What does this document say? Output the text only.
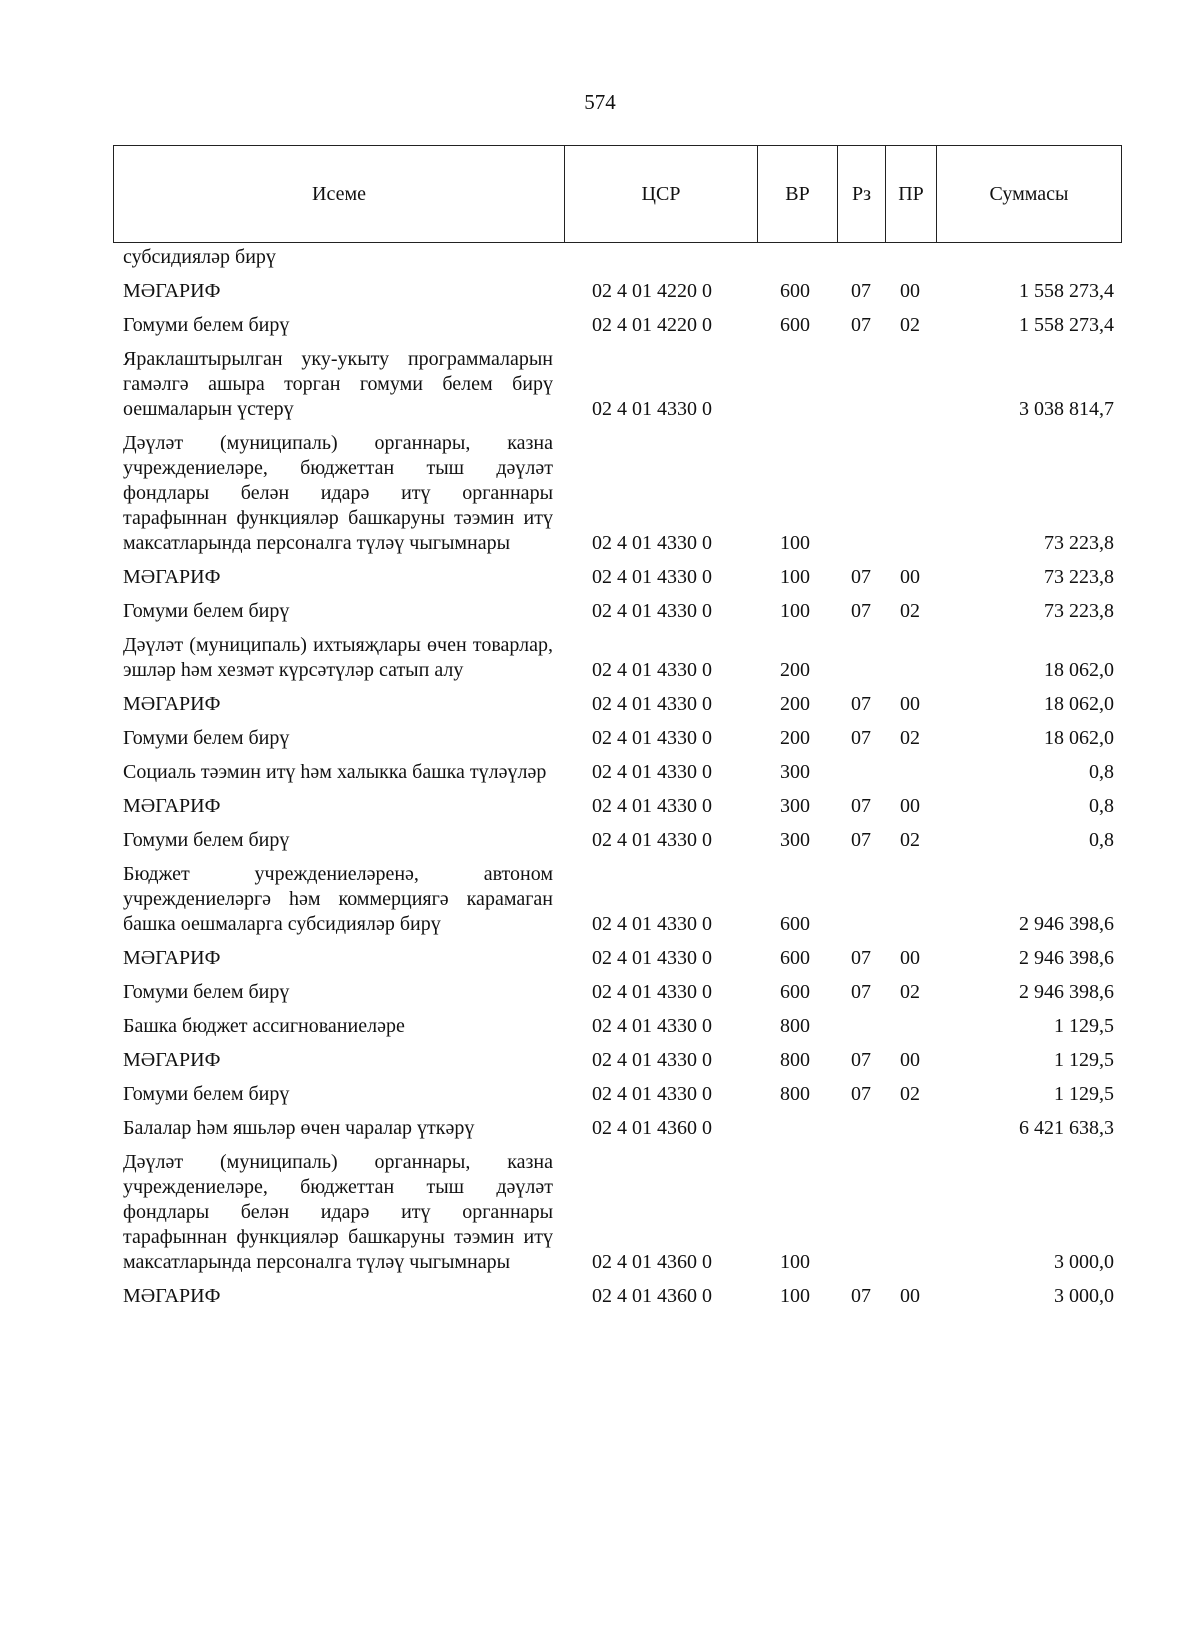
574
Исеме	ЦСР	ВР	Рз	ПР	Суммасы
субсидияләр бирү
МӘГАРИФ	02 4 01 4220 0	600 07 00	1 558 273,4
Гомуми белем бирү	02 4 01 4220 0	600 07 02	1 558 273,4
Яраклаштырылган уку-укыту программаларын гамәлгә ашыра торган гомуми белем бирү оешмаларын үстерү	02 4 01 4330 0	3 038 814,7
Дәүләт (муниципаль) органнары, казна учреждениеләре, бюджеттан тыш дәүләт фондлары белән идарә итү органнары тарафыннан функцияләр башкаруны тәэмин итү максатларында персоналга түләү чыгымнары	02 4 01 4330 0	100	73 223,8
МӘГАРИФ	02 4 01 4330 0	100 07 00	73 223,8
Гомуми белем бирү	02 4 01 4330 0	100 07 02	73 223,8
Дәүләт (муниципаль) ихтыяҗлары өчен товарлар, эшләр һәм хезмәт күрсәтүләр сатып алу	02 4 01 4330 0	200	18 062,0
МӘГАРИФ	02 4 01 4330 0	200 07 00	18 062,0
Гомуми белем бирү	02 4 01 4330 0	200 07 02	18 062,0
Социаль тәэмин итү һәм халыкка башка түләүләр	02 4 01 4330 0	300	0,8
МӘГАРИФ	02 4 01 4330 0	300 07 00	0,8
Гомуми белем бирү	02 4 01 4330 0	300 07 02	0,8
Бюджет учреждениеләренә, автоном учреждениеләргә һәм коммерциягә карамаган башка оешмаларга субсидияләр бирү	02 4 01 4330 0	600	2 946 398,6
МӘГАРИФ	02 4 01 4330 0	600 07 00	2 946 398,6
Гомуми белем бирү	02 4 01 4330 0	600 07 02	2 946 398,6
Башка бюджет ассигнованиеләре	02 4 01 4330 0	800	1 129,5
МӘГАРИФ	02 4 01 4330 0	800 07 00	1 129,5
Гомуми белем бирү	02 4 01 4330 0	800 07 02	1 129,5
Балалар һәм яшьләр өчен чаралар үткәрү	02 4 01 4360 0	6 421 638,3
Дәүләт (муниципаль) органнары, казна учреждениеләре, бюджеттан тыш дәүләт фондлары белән идарә итү органнары тарафыннан функцияләр башкаруны тәэмин итү максатларында персоналга түләү чыгымнары	02 4 01 4360 0	100	3 000,0
МӘГАРИФ	02 4 01 4360 0	100 07 00	3 000,0
